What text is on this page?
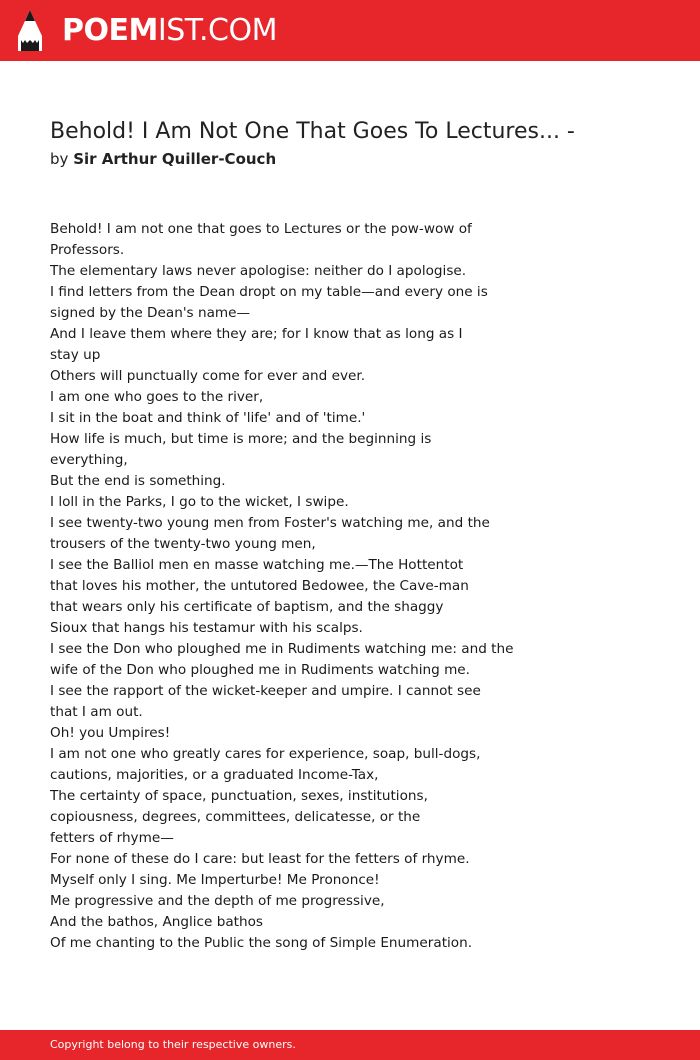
POEMIST.COM
Behold! I Am Not One That Goes To Lectures... -
by Sir Arthur Quiller-Couch
Behold! I am not one that goes to Lectures or the pow-wow of
Professors.
The elementary laws never apologise: neither do I apologise.
I find letters from the Dean dropt on my table—and every one is
signed by the Dean's name—
And I leave them where they are; for I know that as long as I
stay up
Others will punctually come for ever and ever.
I am one who goes to the river,
I sit in the boat and think of 'life' and of 'time.'
How life is much, but time is more; and the beginning is
everything,
But the end is something.
I loll in the Parks, I go to the wicket, I swipe.
I see twenty-two young men from Foster's watching me, and the
trousers of the twenty-two young men,
I see the Balliol men en masse watching me.—The Hottentot
that loves his mother, the untutored Bedowee, the Cave-man
that wears only his certificate of baptism, and the shaggy
Sioux that hangs his testamur with his scalps.
I see the Don who ploughed me in Rudiments watching me: and the
wife of the Don who ploughed me in Rudiments watching me.
I see the rapport of the wicket-keeper and umpire. I cannot see
that I am out.
Oh! you Umpires!
I am not one who greatly cares for experience, soap, bull-dogs,
cautions, majorities, or a graduated Income-Tax,
The certainty of space, punctuation, sexes, institutions,
copiousness, degrees, committees, delicatesse, or the
fetters of rhyme—
For none of these do I care: but least for the fetters of rhyme.
Myself only I sing. Me Imperturbe! Me Prononce!
Me progressive and the depth of me progressive,
And the bathos, Anglice bathos
Of me chanting to the Public the song of Simple Enumeration.
Copyright belong to their respective owners.
